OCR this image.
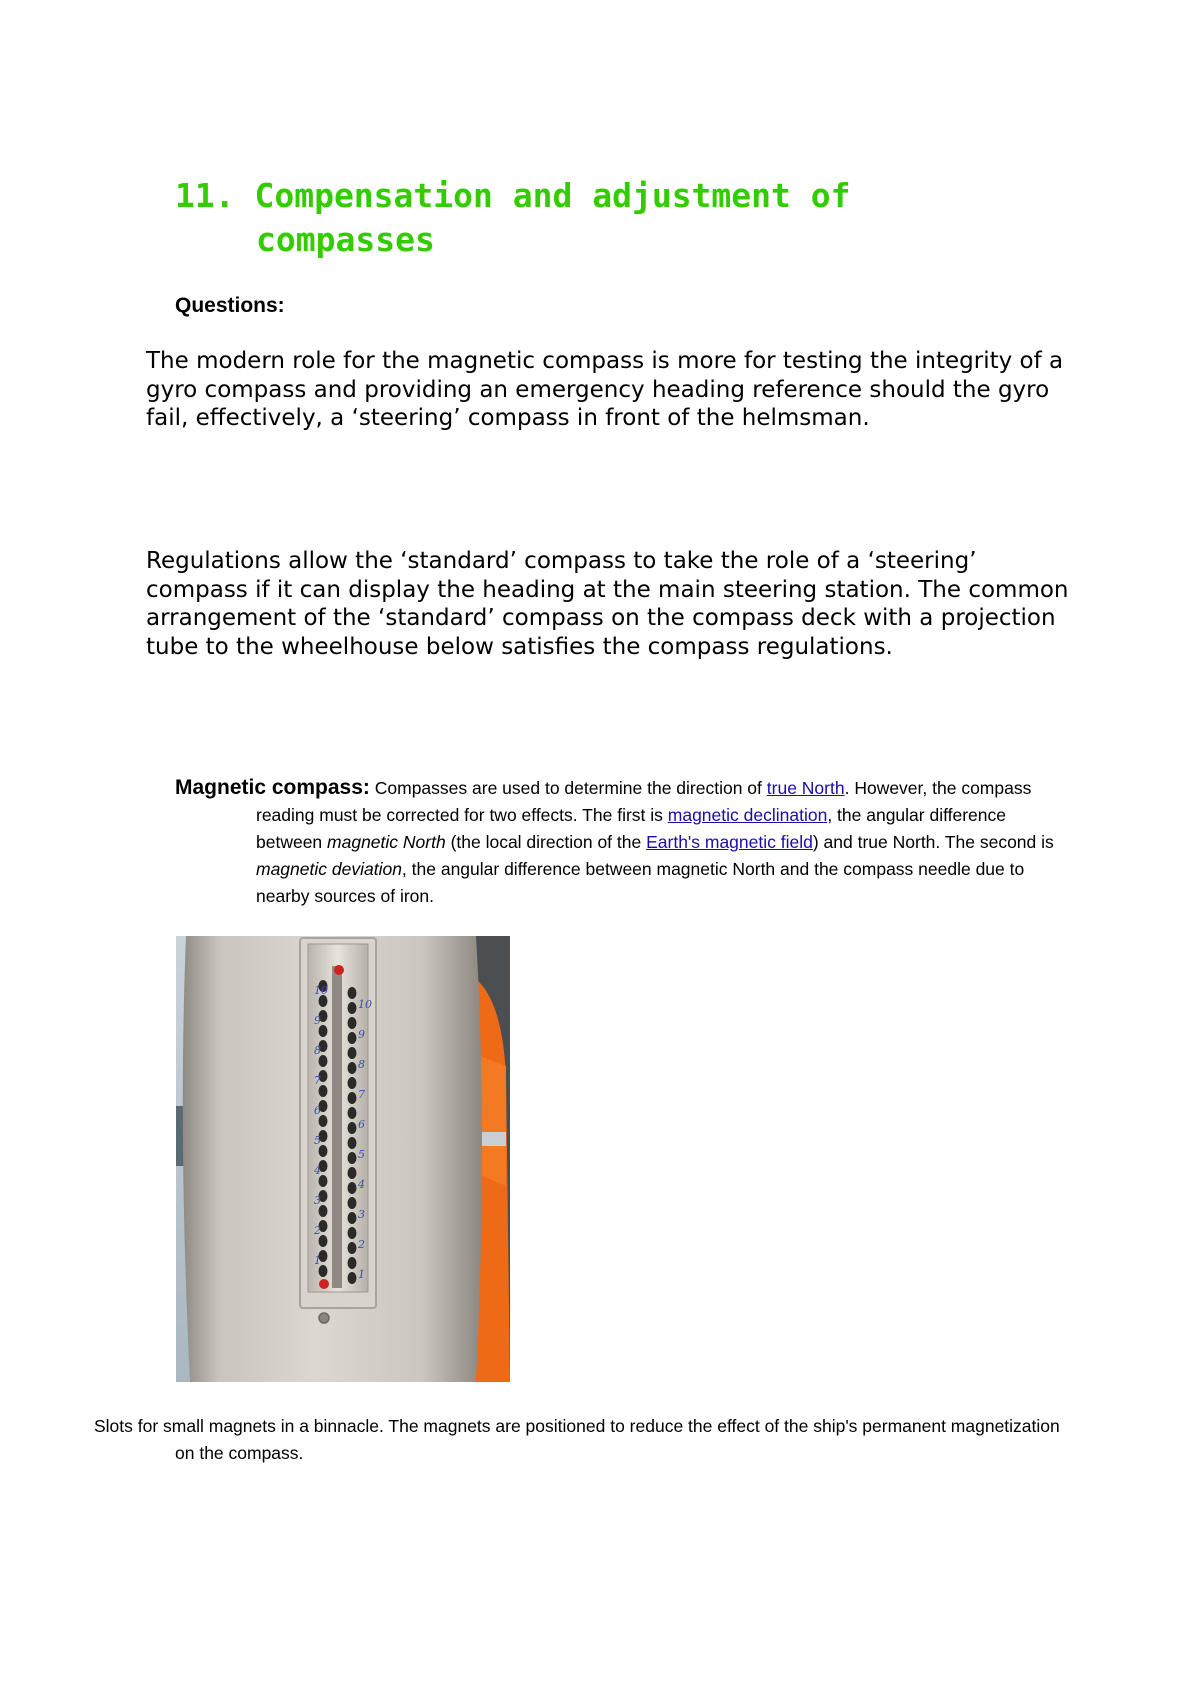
11. Compensation and adjustment of
compasses
Questions:

The modern role for the magnetic compass is more for testing the integrity of a gyro compass and providing an emergency heading reference should the gyro fail, effectively, a ‘steering’ compass in front of the helmsman.

Regulations allow the ‘standard’ compass to take the role of a ‘steering’ compass if it can display the heading at the main steering station. The common arrangement of the ‘standard’ compass on the compass deck with a projection tube to the wheelhouse below satisfies the compass regulations.

Magnetic compass: Compasses are used to determine the direction of true North. However, the compass reading must be corrected for two effects. The first is magnetic declination, the angular difference between magnetic North (the local direction of the Earth's magnetic field) and true North. The second is magnetic deviation, the angular difference between magnetic North and the compass needle due to nearby sources of iron.
10
9
8
7
6
5
4
3
2
1
10
9
8
7
6
5
4
3
2
1
Slots for small magnets in a binnacle. The magnets are positioned to reduce the effect of the ship's permanent magnetization on the compass.
